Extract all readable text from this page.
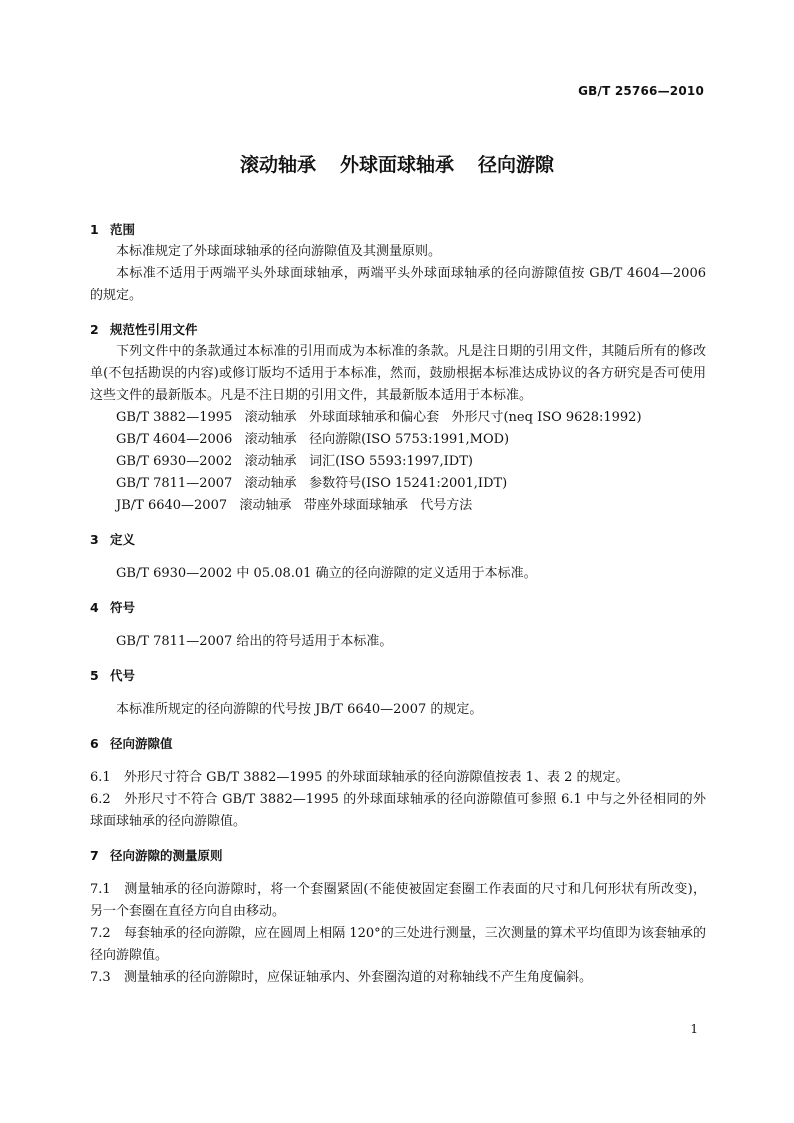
GB/T 25766—2010
滚动轴承 外球面球轴承 径向游隙
1 范围

本标准规定了外球面球轴承的径向游隙值及其测量原则。

本标准不适用于两端平头外球面球轴承，两端平头外球面球轴承的径向游隙值按 GB/T 4604—2006 的规定。

2 规范性引用文件

下列文件中的条款通过本标准的引用而成为本标准的条款。凡是注日期的引用文件，其随后所有的修改单(不包括勘误的内容)或修订版均不适用于本标准，然而，鼓励根据本标准达成协议的各方研究是否可使用这些文件的最新版本。凡是不注日期的引用文件，其最新版本适用于本标准。

GB/T 3882—1995   滚动轴承   外球面球轴承和偏心套   外形尺寸(neq ISO 9628:1992)

GB/T 4604—2006   滚动轴承   径向游隙(ISO 5753:1991,MOD)

GB/T 6930—2002   滚动轴承   词汇(ISO 5593:1997,IDT)

GB/T 7811—2007   滚动轴承   参数符号(ISO 15241:2001,IDT)

JB/T 6640—2007   滚动轴承   带座外球面球轴承   代号方法

3 定义

GB/T 6930—2002 中 05.08.01 确立的径向游隙的定义适用于本标准。

4 符号

GB/T 7811—2007 给出的符号适用于本标准。

5 代号

本标准所规定的径向游隙的代号按 JB/T 6640—2007 的规定。

6 径向游隙值

6.1 外形尺寸符合 GB/T 3882—1995 的外球面球轴承的径向游隙值按表 1、表 2 的规定。

6.2 外形尺寸不符合 GB/T 3882—1995 的外球面球轴承的径向游隙值可参照 6.1 中与之外径相同的外球面球轴承的径向游隙值。

7 径向游隙的测量原则

7.1 测量轴承的径向游隙时，将一个套圈紧固(不能使被固定套圈工作表面的尺寸和几何形状有所改变)，另一个套圈在直径方向自由移动。

7.2 每套轴承的径向游隙，应在圆周上相隔 120°的三处进行测量，三次测量的算术平均值即为该套轴承的径向游隙值。

7.3 测量轴承的径向游隙时，应保证轴承内、外套圈沟道的对称轴线不产生角度偏斜。

1
